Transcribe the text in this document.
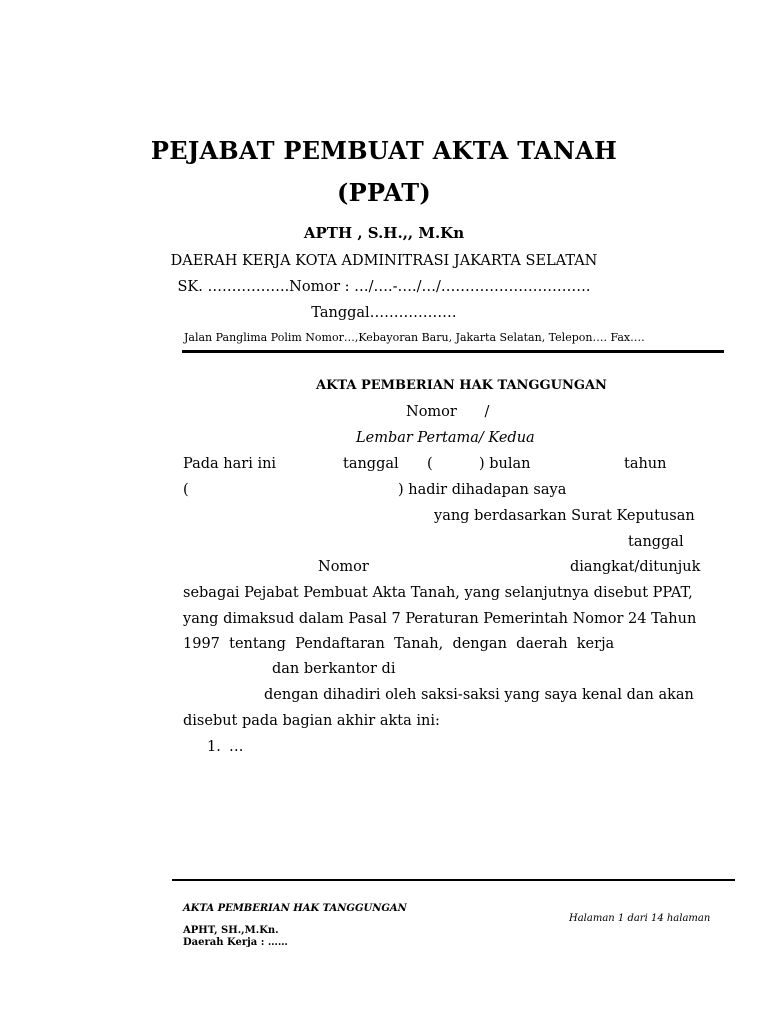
PEJABAT PEMBUAT AKTA TANAH
(PPAT)
APTH , S.H.,, M.Kn
DAERAH KERJA KOTA ADMINITRASI JAKARTA SELATAN
SK. ……………..Nomor : …/….-…./…/………………………….
Tanggal………………
Jalan Panglima Polim Nomor…,Kebayoran Baru, Jakarta Selatan, Telepon…. Fax….
AKTA PEMBERIAN HAK TANGGUNGAN
Nomor      /
Lembar Pertama/ Kedua
Pada hari ini	tanggal (	) bulan	tahun
(	) hadir dihadapan saya
yang berdasarkan Surat Keputusan
tanggal
Nomor	diangkat/ditunjuk
sebagai Pejabat Pembuat Akta Tanah, yang selanjutnya disebut PPAT,
yang dimaksud dalam Pasal 7 Peraturan Pemerintah Nomor 24 Tahun
1997  tentang  Pendaftaran  Tanah,  dengan  daerah  kerja
dan berkantor di
dengan dihadiri oleh saksi-saksi yang saya kenal dan akan
disebut pada bagian akhir akta ini:
1. …
AKTA PEMBERIAN HAK TANGGUNGAN
Halaman 1 dari 14 halaman
APHT, SH.,M.Kn.
Daerah Kerja : ……
